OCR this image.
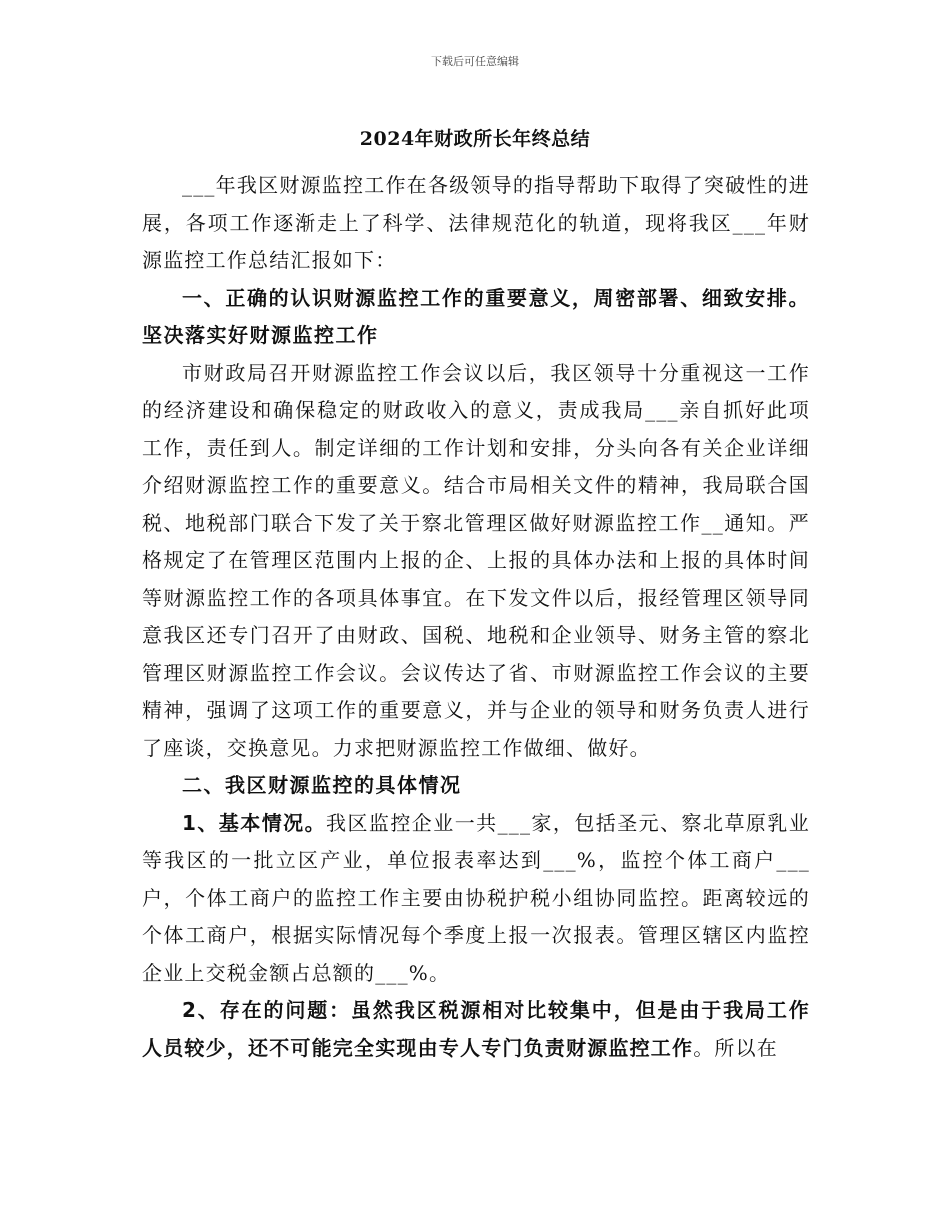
下载后可任意编辑
2024年财政所长年终总结

___年我区财源监控工作在各级领导的指导帮助下取得了突破性的进展，各项工作逐渐走上了科学、法律规范化的轨道，现将我区___年财源监控工作总结汇报如下：

一、正确的认识财源监控工作的重要意义，周密部署、细致安排。坚决落实好财源监控工作

市财政局召开财源监控工作会议以后，我区领导十分重视这一工作的经济建设和确保稳定的财政收入的意义，责成我局___亲自抓好此项工作，责任到人。制定详细的工作计划和安排，分头向各有关企业详细介绍财源监控工作的重要意义。结合市局相关文件的精神，我局联合国税、地税部门联合下发了关于察北管理区做好财源监控工作__通知。严格规定了在管理区范围内上报的企、上报的具体办法和上报的具体时间等财源监控工作的各项具体事宜。在下发文件以后，报经管理区领导同意我区还专门召开了由财政、国税、地税和企业领导、财务主管的察北管理区财源监控工作会议。会议传达了省、市财源监控工作会议的主要精神，强调了这项工作的重要意义，并与企业的领导和财务负责人进行了座谈，交换意见。力求把财源监控工作做细、做好。

二、我区财源监控的具体情况

1、基本情况。我区监控企业一共___家，包括圣元、察北草原乳业等我区的一批立区产业，单位报表率达到___%，监控个体工商户___户，个体工商户的监控工作主要由协税护税小组协同监控。距离较远的个体工商户，根据实际情况每个季度上报一次报表。管理区辖区内监控企业上交税金额占总额的___%。

2、存在的问题：虽然我区税源相对比较集中，但是由于我局工作人员较少，还不可能完全实现由专人专门负责财源监控工作。所以在
